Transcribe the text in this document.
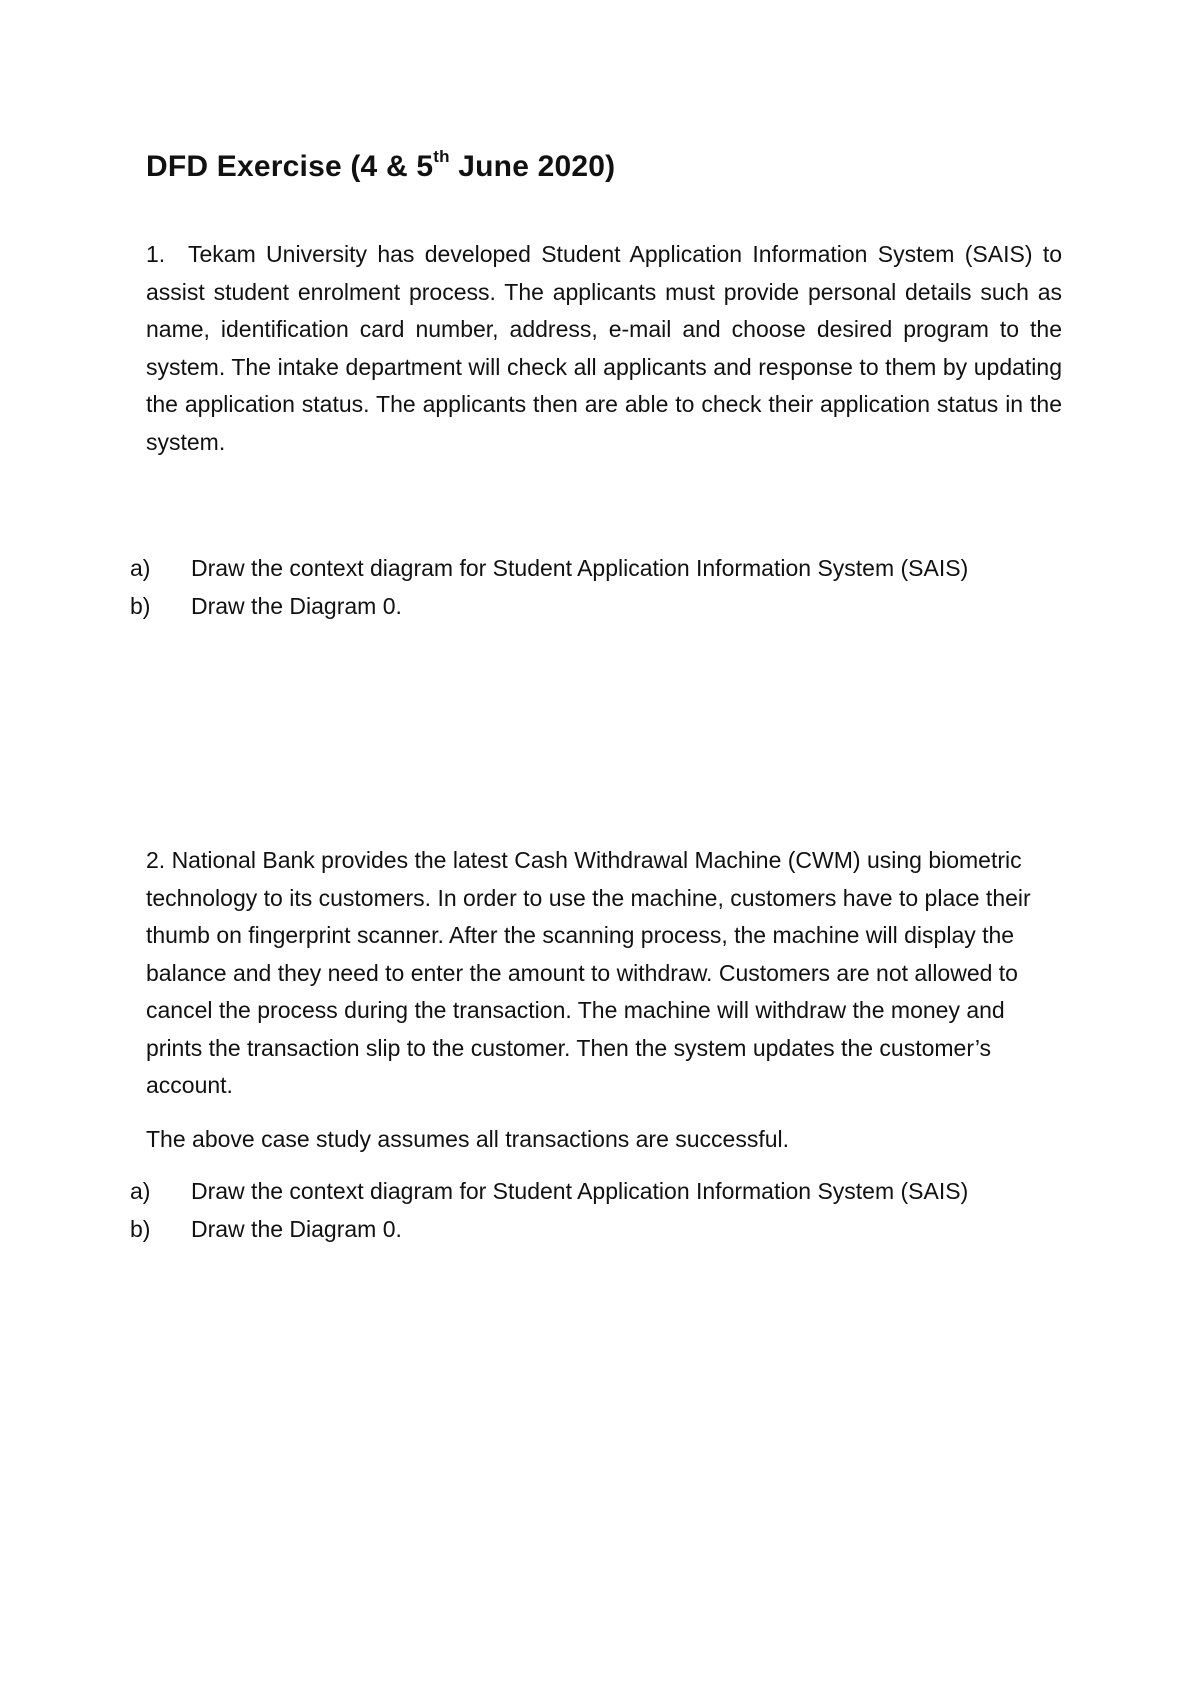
DFD Exercise (4 & 5th June 2020)
1. Tekam University has developed Student Application Information System (SAIS) to assist student enrolment process. The applicants must provide personal details such as name, identification card number, address, e-mail and choose desired program to the system. The intake department will check all applicants and response to them by updating the application status. The applicants then are able to check their application status in the system.
a)	Draw the context diagram for Student Application Information System (SAIS)
b)	Draw the Diagram 0.
2. National Bank provides the latest Cash Withdrawal Machine (CWM) using biometric technology to its customers. In order to use the machine, customers have to place their thumb on fingerprint scanner. After the scanning process, the machine will display the balance and they need to enter the amount to withdraw. Customers are not allowed to cancel the process during the transaction. The machine will withdraw the money and prints the transaction slip to the customer. Then the system updates the customer’s account.
The above case study assumes all transactions are successful.
a)	Draw the context diagram for Student Application Information System (SAIS)
b)	Draw the Diagram 0.
